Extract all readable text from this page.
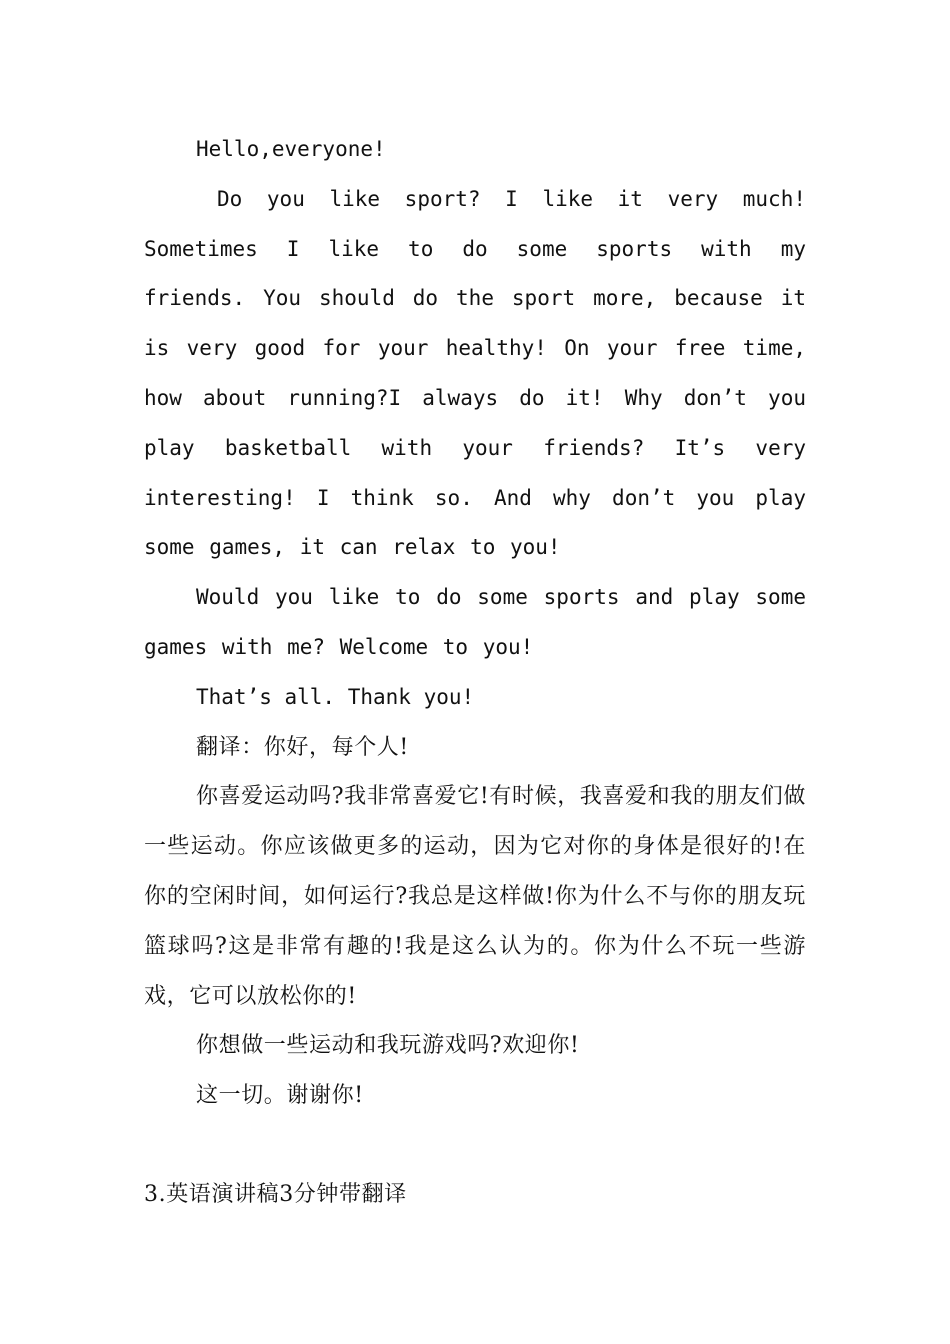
Hello,everyone!

Do you like sport? I like it very much! Sometimes I like to do some sports with my friends. You should do the sport more, because it is very good for your healthy! On your free time, how about running?I always do it! Why don’t you play basketball with your friends? It’s very interesting! I think so. And why don’t you play some games, it can relax to you!

Would you like to do some sports and play some games with me? Welcome to you!

That’s all. Thank you!

翻译：你好，每个人!

你喜爱运动吗?我非常喜爱它!有时候，我喜爱和我的朋友们做一些运动。你应该做更多的运动，因为它对你的身体是很好的!在你的空闲时间，如何运行?我总是这样做!你为什么不与你的朋友玩篮球吗?这是非常有趣的!我是这么认为的。你为什么不玩一些游戏，它可以放松你的!

你想做一些运动和我玩游戏吗?欢迎你!

这一切。谢谢你!

3.英语演讲稿3分钟带翻译
